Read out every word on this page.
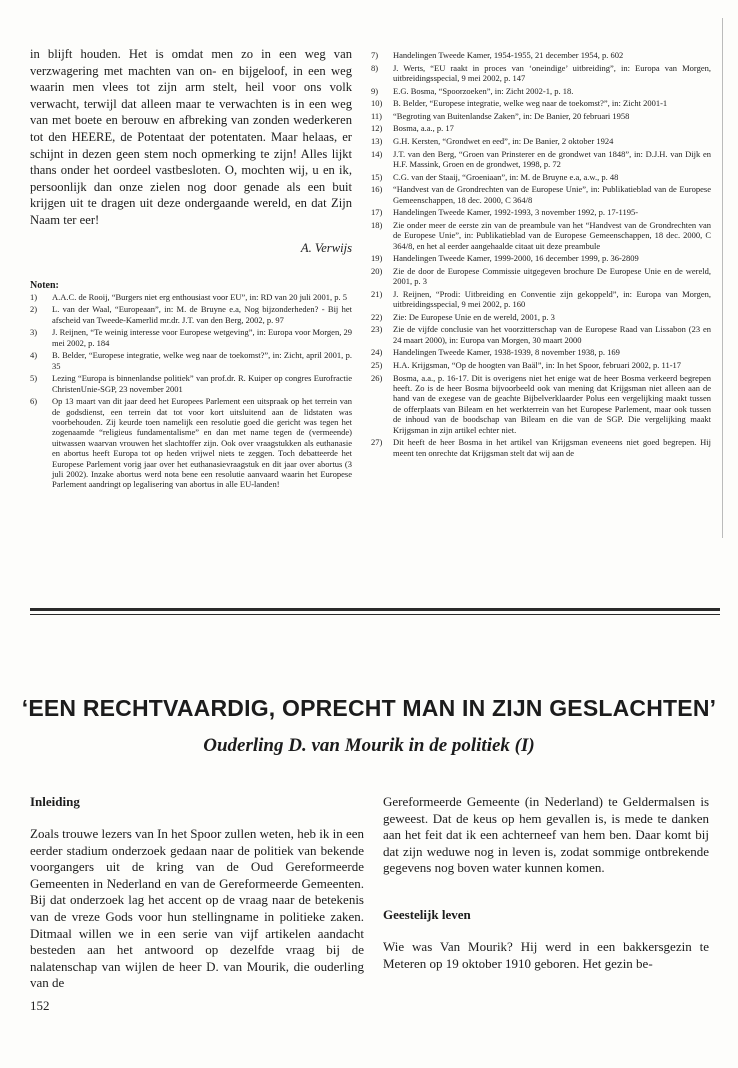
in blijft houden. Het is omdat men zo in een weg van verzwagering met machten van on- en bijgeloof, in een weg waarin men vlees tot zijn arm stelt, heil voor ons volk verwacht, terwijl dat alleen maar te verwachten is in een weg van met boete en berouw en afbreking van zonden wederkeren tot den HEERE, de Potentaat der potentaten. Maar helaas, er schijnt in dezen geen stem noch opmerking te zijn! Alles lijkt thans onder het oordeel vastbesloten. O, mochten wij, u en ik, persoonlijk dan onze zielen nog door genade als een buit krijgen uit te dragen uit deze ondergaande wereld, en dat Zijn Naam ter eer!

A. Verwijs

Noten:
1) A.A.C. de Rooij, “Burgers niet erg enthousiast voor EU”, in: RD van 20 juli 2001, p. 5
2) L. van der Waal, “Europeaan”, in: M. de Bruyne e.a, Nog bijzonderheden? - Bij het afscheid van Tweede-Kamerlid mr.dr. J.T. van den Berg, 2002, p. 97
3) J. Reijnen, “Te weinig interesse voor Europese wetgeving”, in: Europa voor Morgen, 29 mei 2002, p. 184
4) B. Belder, “Europese integratie, welke weg naar de toekomst?”, in: Zicht, april 2001, p. 35
5) Lezing “Europa is binnenlandse politiek” van prof.dr. R. Kuiper op congres Eurofractie ChristenUnie-SGP, 23 november 2001
6) Op 13 maart van dit jaar deed het Europees Parlement een uitspraak op het terrein van de godsdienst, een terrein dat tot voor kort uitsluitend aan de lidstaten was voorbehouden. Zij keurde toen namelijk een resolutie goed die gericht was tegen het zogenaamde “religieus fundamentalisme” en dan met name tegen de (vermeende) uitwassen waarvan vrouwen het slachtoffer zijn. Ook over vraagstukken als euthanasie en abortus heeft Europa tot op heden vrijwel niets te zeggen. Toch debatteerde het Europese Parlement vorig jaar over het euthanasievraagstuk en dit jaar over abortus (3 juli 2002). Inzake abortus werd nota bene een resolutie aanvaard waarin het Europese Parlement aandringt op legalisering van abortus in alle EU-landen!
7) Handelingen Tweede Kamer, 1954-1955, 21 december 1954, p. 602
8) J. Werts, “EU raakt in proces van ‘oneindige’ uitbreiding”, in: Europa van Morgen, uitbreidingsspecial, 9 mei 2002, p. 147
9) E.G. Bosma, “Spoorzoeken”, in: Zicht 2002-1, p. 18.
10) B. Belder, “Europese integratie, welke weg naar de toekomst?”, in: Zicht 2001-1
11) “Begroting van Buitenlandse Zaken”, in: De Banier, 20 februari 1958
12) Bosma, a.a., p. 17
13) G.H. Kersten, “Grondwet en eed”, in: De Banier, 2 oktober 1924
14) J.T. van den Berg, “Groen van Prinsterer en de grondwet van 1848”, in: D.J.H. van Dijk en H.F. Massink, Groen en de grondwet, 1998, p. 72
15) C.G. van der Staaij, “Groeniaan”, in: M. de Bruyne e.a, a.w., p. 48
16) “Handvest van de Grondrechten van de Europese Unie”, in: Publikatieblad van de Europese Gemeenschappen, 18 dec. 2000, C 364/8
17) Handelingen Tweede Kamer, 1992-1993, 3 november 1992, p. 17-1195-
18) Zie onder meer de eerste zin van de preambule van het “Handvest van de Grondrechten van de Europese Unie”, in: Publikatieblad van de Europese Gemeenschappen, 18 dec. 2000, C 364/8, en het al eerder aangehaalde citaat uit deze preambule
19) Handelingen Tweede Kamer, 1999-2000, 16 december 1999, p. 36-2809
20) Zie de door de Europese Commissie uitgegeven brochure De Europese Unie en de wereld, 2001, p. 3
21) J. Reijnen, “Prodi: Uitbreiding en Conventie zijn gekoppeld”, in: Europa van Morgen, uitbreidingsspecial, 9 mei 2002, p. 160
22) Zie: De Europese Unie en de wereld, 2001, p. 3
23) Zie de vijfde conclusie van het voorzitterschap van de Europese Raad van Lissabon (23 en 24 maart 2000), in: Europa van Morgen, 30 maart 2000
24) Handelingen Tweede Kamer, 1938-1939, 8 november 1938, p. 169
25) H.A. Krijgsman, “Op de hoogten van Baäl”, in: In het Spoor, februari 2002, p. 11-17
26) Bosma, a.a., p. 16-17. Dit is overigens niet het enige wat de heer Bosma verkeerd begrepen heeft. Zo is de heer Bosma bijvoorbeeld ook van mening dat Krijgsman niet alleen aan de hand van de exegese van de geachte Bijbelverklaarder Polus een vergelijking maakt tussen de offerplaats van Bileam en het werkterrein van het Europese Parlement, maar ook tussen de inhoud van de boodschap van Bileam en die van de SGP. Die vergelijking maakt Krijgsman in zijn artikel echter niet.
27) Dit heeft de heer Bosma in het artikel van Krijgsman eveneens niet goed begrepen. Hij meent ten onrechte dat Krijgsman stelt dat wij aan de
‘EEN RECHTVAARDIG, OPRECHT MAN IN ZIJN GESLACHTEN’
Ouderling D. van Mourik in de politiek (I)
Inleiding

Zoals trouwe lezers van In het Spoor zullen weten, heb ik in een eerder stadium onderzoek gedaan naar de politiek van bekende voorgangers uit de kring van de Oud Gereformeerde Gemeenten in Nederland en van de Gereformeerde Gemeenten. Bij dat onderzoek lag het accent op de vraag naar de betekenis van de vreze Gods voor hun stellingname in politieke zaken. Ditmaal willen we in een serie van vijf artikelen aandacht besteden aan het antwoord op dezelfde vraag bij de nalatenschap van wijlen de heer D. van Mourik, die ouderling van de

Gereformeerde Gemeente (in Nederland) te Geldermalsen is geweest. Dat de keus op hem gevallen is, is mede te danken aan het feit dat ik een achterneef van hem ben. Daar komt bij dat zijn weduwe nog in leven is, zodat sommige ontbrekende gegevens nog boven water kunnen komen.

Geestelijk leven

Wie was Van Mourik? Hij werd in een bakkersgezin te Meteren op 19 oktober 1910 geboren. Het gezin be-

152
